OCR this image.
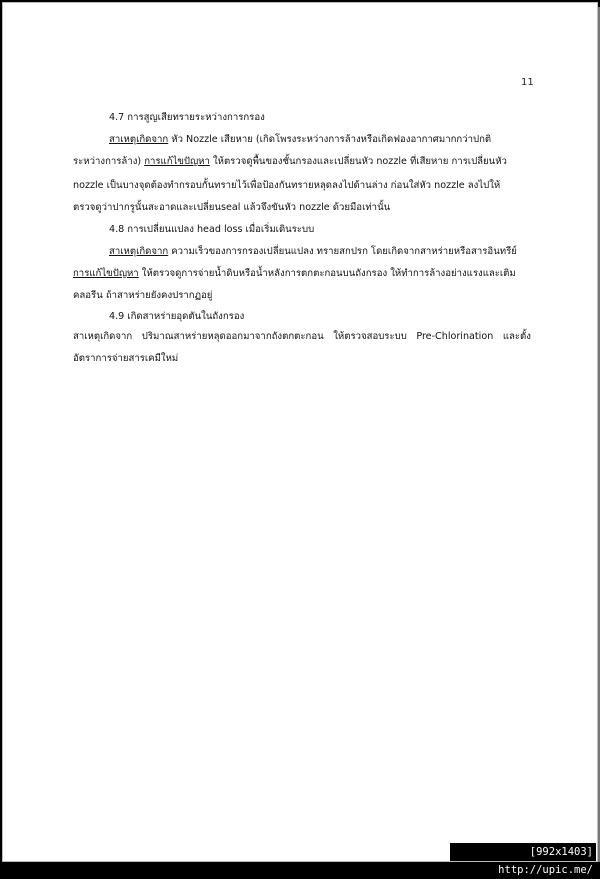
11
4.7 การสูญเสียทรายระหว่างการกรอง
สาเหตุเกิดจาก หัว Nozzle เสียหาย (เกิดโพรงระหว่างการล้างหรือเกิดฟองอากาศมากกว่าปกติ
ระหว่างการล้าง) การแก้ไขปัญหา ให้ตรวจดูพื้นของชั้นกรองและเปลี่ยนหัว nozzle ที่เสียหาย การเปลี่ยนหัว
nozzle เป็นบางจุดต้องทำกรอบกั้นทรายไว้เพื่อป้องกันทรายหลุดลงไปด้านล่าง ก่อนใส่หัว nozzle ลงไปให้
ตรวจดูว่าปากรูนั้นสะอาดและเปลี่ยนseal แล้วจึงขันหัว nozzle ด้วยมือเท่านั้น
4.8 การเปลี่ยนแปลง head loss เมื่อเริ่มเดินระบบ
สาเหตุเกิดจาก ความเร็วของการกรองเปลี่ยนแปลง ทรายสกปรก โดยเกิดจากสาหร่ายหรือสารอินทรีย์
การแก้ไขปัญหา ให้ตรวจดูการจ่ายน้ำดิบหรือน้ำหลังการตกตะกอนบนถังกรอง ให้ทำการล้างอย่างแรงและเติม
คลอรีน ถ้าสาหร่ายยังคงปรากฏอยู่
4.9 เกิดสาหร่ายอุดตันในถังกรอง
สาเหตุเกิดจาก ปริมาณสาหร่ายหลุดออกมาจากถังตกตะกอน ให้ตรวจสอบระบบ Pre-Chlorination และตั้ง
อัตราการจ่ายสารเคมีใหม่
[992x1403] http://upic.me/
